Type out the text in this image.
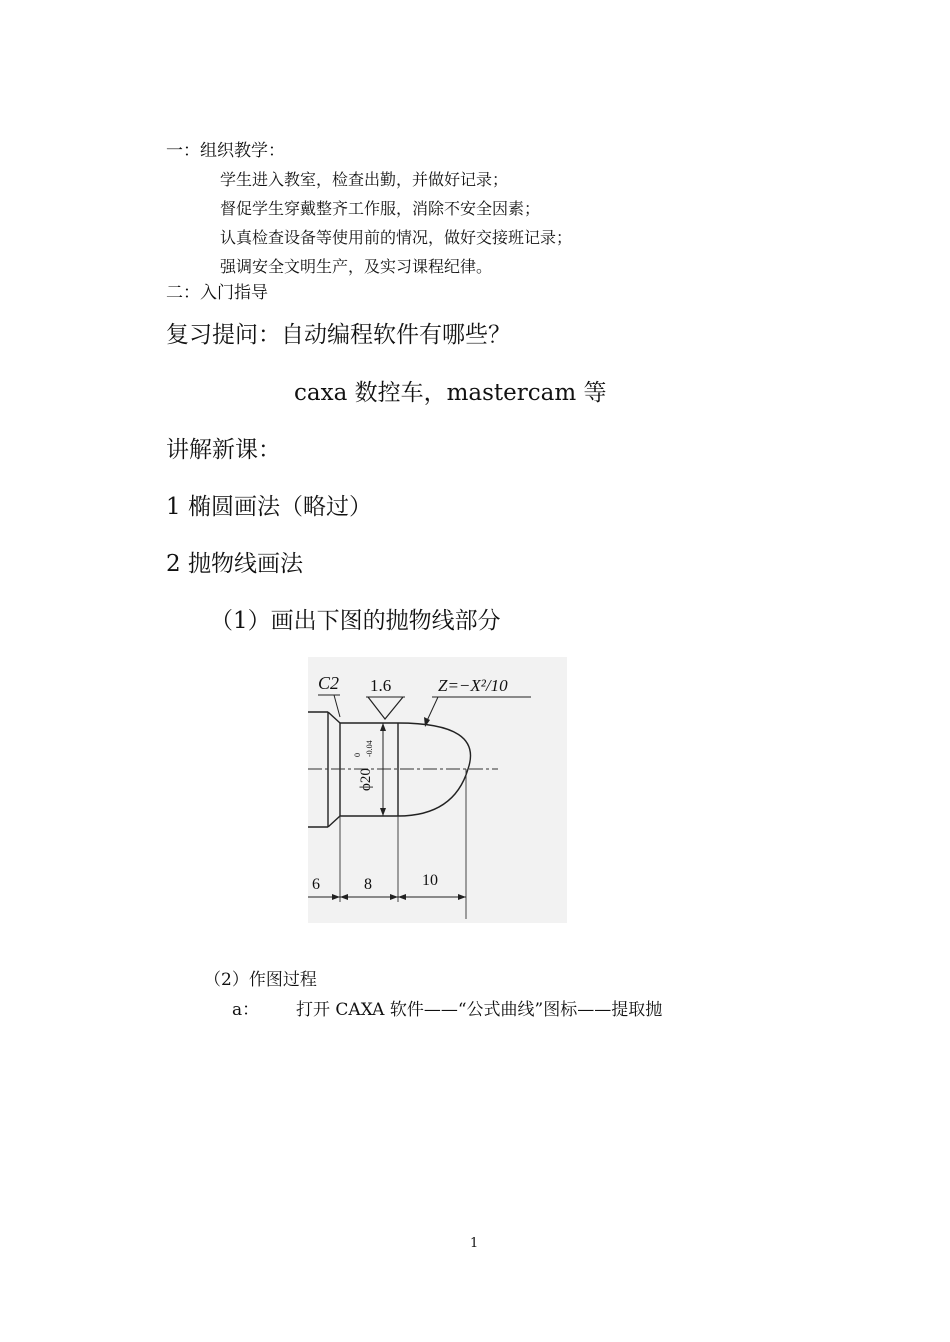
一：组织教学：
学生进入教室，检查出勤，并做好记录；
督促学生穿戴整齐工作服，消除不安全因素；
认真检查设备等使用前的情况，做好交接班记录；
强调安全文明生产，及实习课程纪律。
二：入门指导
复习提问：自动编程软件有哪些？
caxa 数控车，mastercam 等
讲解新课：
1 椭圆画法（略过）
2 抛物线画法
（1）画出下图的抛物线部分
C2 1.6	Z=−X²/10
ϕ20
0 -0.04
6	8	10
（2）作图过程
a： 打开 CAXA 软件——“公式曲线”图标——提取抛
1
